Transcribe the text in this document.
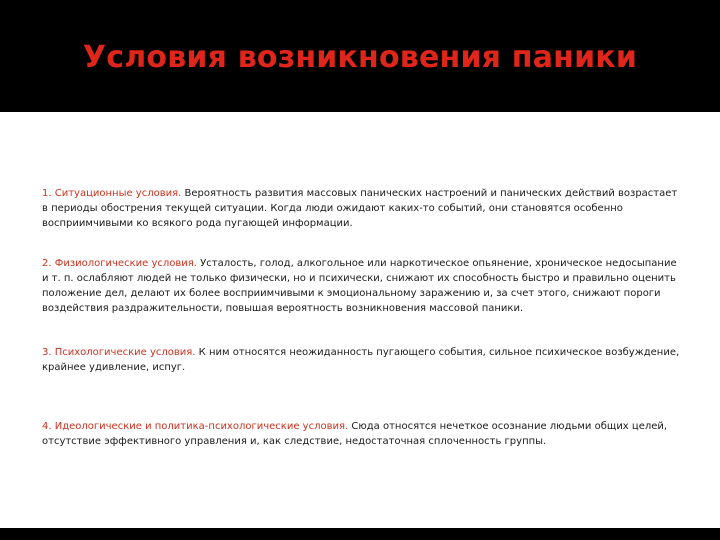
Условия возникновения паники
1. Ситуационные условия. Вероятность развития массовых панических настроений и панических действий возрастает в периоды обострения текущей ситуации. Когда люди ожидают каких-то событий, они становятся особенно восприимчивыми ко всякого рода пугающей информации.
2. Физиологические условия. Усталость, голод, алкогольное или наркотическое опьянение, хроническое недосыпание и т. п. ослабляют людей не только физически, но и психически, снижают их способность быстро и правильно оценить положение дел, делают их более восприимчивыми к эмоциональному заражению и, за счет этого, снижают пороги воздействия раздражительности, повышая вероятность возникновения массовой паники.
3. Психологические условия. К ним относятся неожиданность пугающего события, сильное психическое возбуждение, крайнее удивление, испуг.
4. Идеологические и политика-психологические условия. Сюда относятся нечеткое осознание людьми общих целей, отсутствие эффективного управления и, как следствие, недостаточная сплоченность группы.
